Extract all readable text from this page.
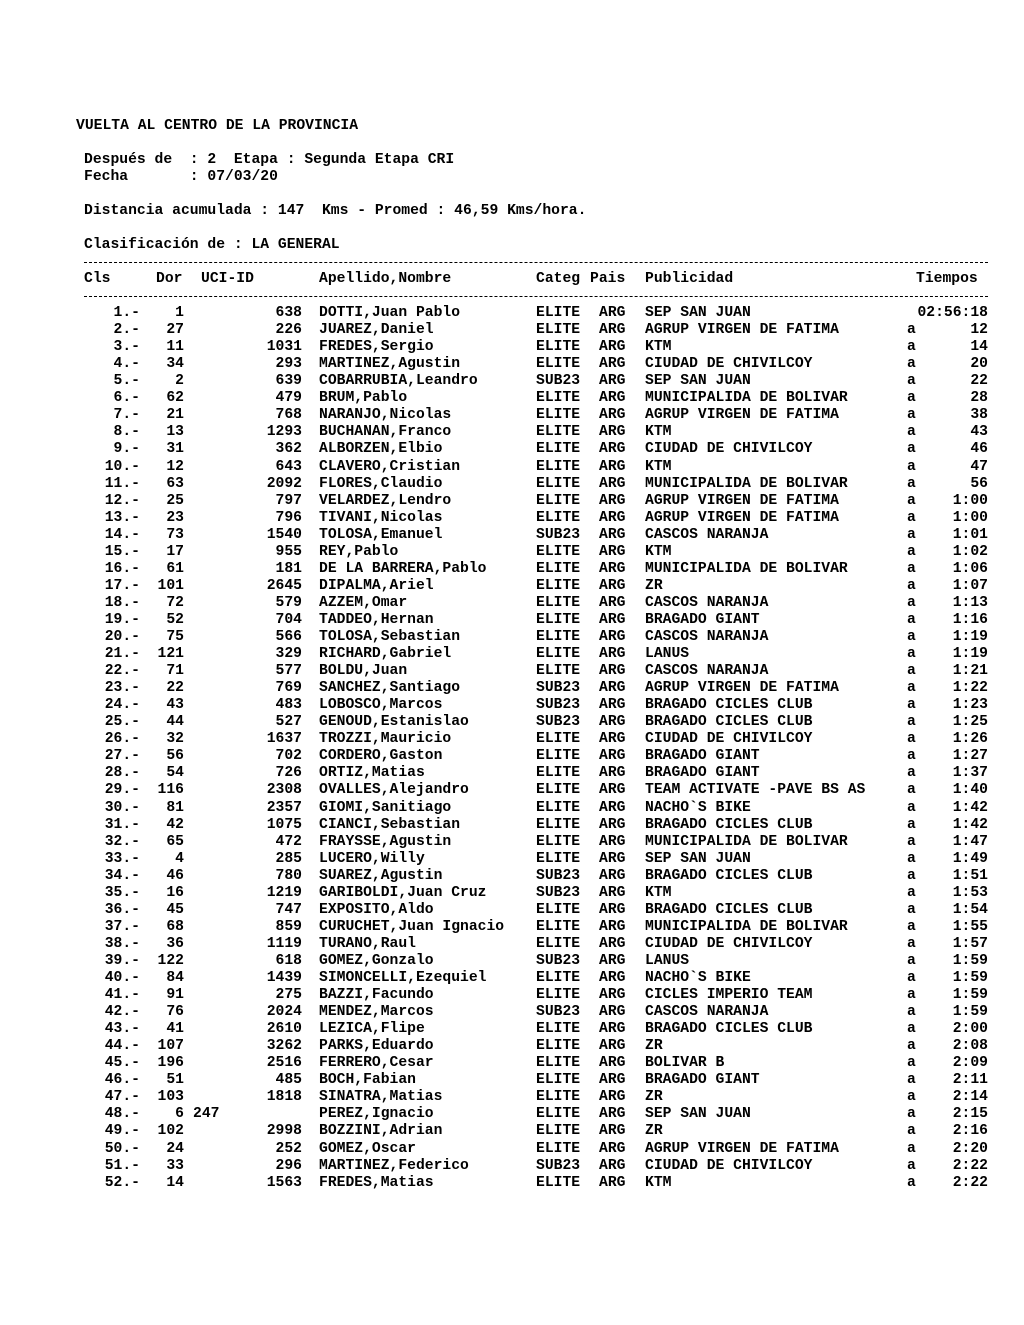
VUELTA AL CENTRO DE LA PROVINCIA
Después de  : 2  Etapa : Segunda Etapa CRI
Fecha       : 07/03/20
Distancia acumulada : 147  Kms - Promed : 46,59 Kms/hora.
Clasificación de : LA GENERAL
Cls	Dor UCI-ID	Apellido,Nombre	Categ Pais Publicidad	Tiempos
1.- 1	638 DOTTI,Juan Pablo	ELITE ARG SEP SAN JUAN	02:56:18
2.- 27	226 JUAREZ,Daniel	ELITE ARG AGRUP VIRGEN DE FATIMA	a	12
3.- 11	1031 FREDES,Sergio	ELITE ARG KTM	a	14
4.- 34	293 MARTINEZ,Agustin	ELITE ARG CIUDAD DE CHIVILCOY	a	20
5.- 2	639 COBARRUBIA,Leandro	SUB23 ARG SEP SAN JUAN	a	22
6.- 62	479 BRUM,Pablo	ELITE ARG MUNICIPALIDA DE BOLIVAR	a	28
7.- 21	768 NARANJO,Nicolas	ELITE ARG AGRUP VIRGEN DE FATIMA	a	38
8.- 13	1293 BUCHANAN,Franco	ELITE ARG KTM	a	43
9.- 31	362 ALBORZEN,Elbio	ELITE ARG CIUDAD DE CHIVILCOY	a	46
10.- 12	643 CLAVERO,Cristian	ELITE ARG KTM	a	47
11.- 63	2092 FLORES,Claudio	ELITE ARG MUNICIPALIDA DE BOLIVAR	a	56
12.- 25	797 VELARDEZ,Lendro	ELITE ARG AGRUP VIRGEN DE FATIMA	a	1:00
13.- 23	796 TIVANI,Nicolas	ELITE ARG AGRUP VIRGEN DE FATIMA	a	1:00
14.- 73	1540 TOLOSA,Emanuel	SUB23 ARG CASCOS NARANJA	a	1:01
15.- 17	955 REY,Pablo	ELITE ARG KTM	a	1:02
16.- 61	181 DE LA BARRERA,Pablo	ELITE ARG MUNICIPALIDA DE BOLIVAR	a	1:06
17.- 101	2645 DIPALMA,Ariel	ELITE ARG ZR	a	1:07
18.- 72	579 AZZEM,Omar	ELITE ARG CASCOS NARANJA	a	1:13
19.- 52	704 TADDEO,Hernan	ELITE ARG BRAGADO GIANT	a	1:16
20.- 75	566 TOLOSA,Sebastian	ELITE ARG CASCOS NARANJA	a	1:19
21.- 121	329 RICHARD,Gabriel	ELITE ARG LANUS	a	1:19
22.- 71	577 BOLDU,Juan	ELITE ARG CASCOS NARANJA	a	1:21
23.- 22	769 SANCHEZ,Santiago	SUB23 ARG AGRUP VIRGEN DE FATIMA	a	1:22
24.- 43	483 LOBOSCO,Marcos	SUB23 ARG BRAGADO CICLES CLUB	a	1:23
25.- 44	527 GENOUD,Estanislao	SUB23 ARG BRAGADO CICLES CLUB	a	1:25
26.- 32	1637 TROZZI,Mauricio	ELITE ARG CIUDAD DE CHIVILCOY	a	1:26
27.- 56	702 CORDERO,Gaston	ELITE ARG BRAGADO GIANT	a	1:27
28.- 54	726 ORTIZ,Matias	ELITE ARG BRAGADO GIANT	a	1:37
29.- 116	2308 OVALLES,Alejandro	ELITE ARG TEAM ACTIVATE -PAVE BS AS	a	1:40
30.- 81	2357 GIOMI,Sanitiago	ELITE ARG NACHO`S BIKE	a	1:42
31.- 42	1075 CIANCI,Sebastian	ELITE ARG BRAGADO CICLES CLUB	a	1:42
32.- 65	472 FRAYSSE,Agustin	ELITE ARG MUNICIPALIDA DE BOLIVAR	a	1:47
33.- 4	285 LUCERO,Willy	ELITE ARG SEP SAN JUAN	a	1:49
34.- 46	780 SUAREZ,Agustin	SUB23 ARG BRAGADO CICLES CLUB	a	1:51
35.- 16	1219 GARIBOLDI,Juan Cruz	SUB23 ARG KTM	a	1:53
36.- 45	747 EXPOSITO,Aldo	ELITE ARG BRAGADO CICLES CLUB	a	1:54
37.- 68	859 CURUCHET,Juan Ignacio ELITE ARG MUNICIPALIDA DE BOLIVAR	a	1:55
38.- 36	1119 TURANO,Raul	ELITE ARG CIUDAD DE CHIVILCOY	a	1:57
39.- 122	618 GOMEZ,Gonzalo	SUB23 ARG LANUS	a	1:59
40.- 84	1439 SIMONCELLI,Ezequiel	ELITE ARG NACHO`S BIKE	a	1:59
41.- 91	275 BAZZI,Facundo	ELITE ARG CICLES IMPERIO TEAM	a	1:59
42.- 76	2024 MENDEZ,Marcos	SUB23 ARG CASCOS NARANJA	a	1:59
43.- 41	2610 LEZICA,Flipe	ELITE ARG BRAGADO CICLES CLUB	a	2:00
44.- 107	3262 PARKS,Eduardo	ELITE ARG ZR	a	2:08
45.- 196	2516 FERRERO,Cesar	ELITE ARG BOLIVAR B	a	2:09
46.- 51	485 BOCH,Fabian	ELITE ARG BRAGADO GIANT	a	2:11
47.- 103	1818 SINATRA,Matias	ELITE ARG ZR	a	2:14
48.- 6 247	PEREZ,Ignacio	ELITE ARG SEP SAN JUAN	a	2:15
49.- 102	2998 BOZZINI,Adrian	ELITE ARG ZR	a	2:16
50.- 24	252 GOMEZ,Oscar	ELITE ARG AGRUP VIRGEN DE FATIMA	a	2:20
51.- 33	296 MARTINEZ,Federico	SUB23 ARG CIUDAD DE CHIVILCOY	a	2:22
52.- 14	1563 FREDES,Matias	ELITE ARG KTM	a	2:22
